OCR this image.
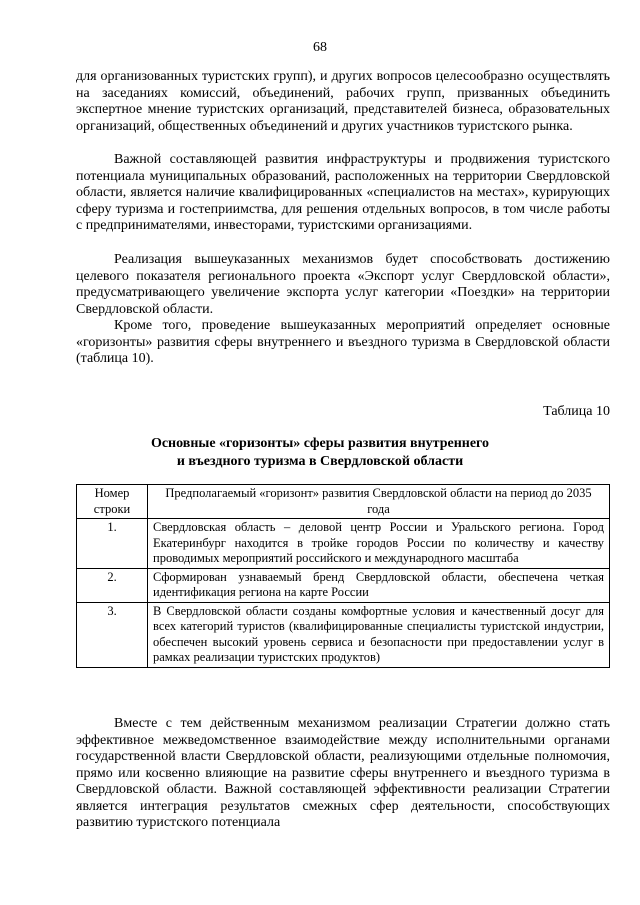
68

для организованных туристских групп), и других вопросов целесообразно осуществлять на заседаниях комиссий, объединений, рабочих групп, призванных объединить экспертное мнение туристских организаций, представителей бизнеса, образовательных организаций, общественных объединений и других участников туристского рынка.

Важной составляющей развития инфраструктуры и продвижения туристского потенциала муниципальных образований, расположенных на территории Свердловской области, является наличие квалифицированных «специалистов на местах», курирующих сферу туризма и гостеприимства, для решения отдельных вопросов, в том числе работы с предпринимателями, инвесторами, туристскими организациями.

Реализация вышеуказанных механизмов будет способствовать достижению целевого показателя регионального проекта «Экспорт услуг Свердловской области», предусматривающего увеличение экспорта услуг категории «Поездки» на территории Свердловской области.

Кроме того, проведение вышеуказанных мероприятий определяет основные «горизонты» развития сферы внутреннего и въездного туризма в Свердловской области (таблица 10).

Таблица 10
Основные «горизонты» сферы развития внутреннего
и въездного туризма в Свердловской области
Номер строки	Предполагаемый «горизонт» развития Свердловской области на период до 2035 года
1.	Свердловская область – деловой центр России и Уральского региона. Город Екатеринбург находится в тройке городов России по количеству и качеству проводимых мероприятий российского и международного масштаба
2.	Сформирован узнаваемый бренд Свердловской области, обеспечена четкая идентификация региона на карте России
3.	В Свердловской области созданы комфортные условия и качественный досуг для всех категорий туристов (квалифицированные специалисты туристской индустрии, обеспечен высокий уровень сервиса и безопасности при предоставлении услуг в рамках реализации туристских продуктов)

Вместе с тем действенным механизмом реализации Стратегии должно стать эффективное межведомственное взаимодействие между исполнительными органами государственной власти Свердловской области, реализующими отдельные полномочия, прямо или косвенно влияющие на развитие сферы внутреннего и въездного туризма в Свердловской области. Важной составляющей эффективности реализации Стратегии является интеграция результатов смежных сфер деятельности, способствующих развитию туристского потенциала
